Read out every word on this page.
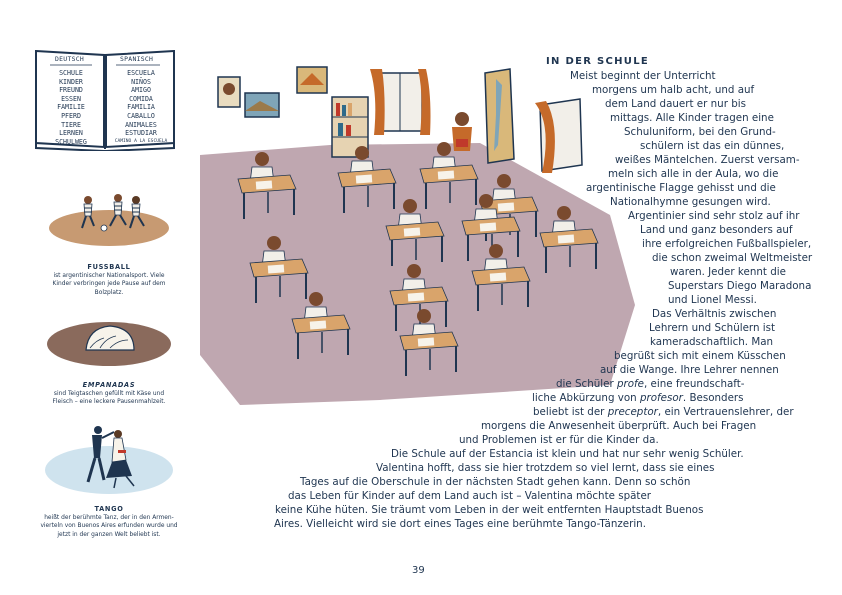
DEUTSCH	SPANISCH
SCHULE
KINDER
FREUND
ESSEN
FAMILIE
PFERD
TIERE
LERNEN
SCHULWEG
ESCUELA
NIÑOS
AMIGO
COMIDA
FAMILIA
CABALLO
ANIMALES
ESTUDIAR
CAMINO A LA ESCUELA
FUSSBALL
ist argentinischer Nationalsport. Viele
Kinder verbringen jede Pause auf dem
Bolzplatz.
EMPANADAS
sind Teigtaschen gefüllt mit Käse und
Fleisch – eine leckere Pausenmahlzeit.
TANGO
heißt der berühmte Tanz, der in den Armen-
vierteln von Buenos Aires erfunden wurde und
jetzt in der ganzen Welt beliebt ist.
IN DER SCHULE
Meist beginnt der Unterricht
morgens um halb acht, und auf
dem Land dauert er nur bis
mittags. Alle Kinder tragen eine
Schuluniform, bei den Grund-
schülern ist das ein dünnes,
weißes Mäntelchen. Zuerst versam-
meln sich alle in der Aula, wo die
argentinische Flagge gehisst und die
Nationalhymne gesungen wird.
Argentinier sind sehr stolz auf ihr
Land und ganz besonders auf
ihre erfolgreichen Fußballspieler,
die schon zweimal Weltmeister
waren. Jeder kennt die
Superstars Diego Maradona
und Lionel Messi.
Das Verhältnis zwischen
Lehrern und Schülern ist
kameradschaftlich. Man
begrüßt sich mit einem Küsschen
auf die Wange. Ihre Lehrer nennen
die Schüler profe, eine freundschaft-
liche Abkürzung von profesor. Besonders
beliebt ist der preceptor, ein Vertrauenslehrer, der
morgens die Anwesenheit überprüft. Auch bei Fragen
und Problemen ist er für die Kinder da.
Die Schule auf der Estancia ist klein und hat nur sehr wenig Schüler.
Valentina hofft, dass sie hier trotzdem so viel lernt, dass sie eines
Tages auf die Oberschule in der nächsten Stadt gehen kann. Denn so schön
das Leben für Kinder auf dem Land auch ist – Valentina möchte später
keine Kühe hüten. Sie träumt vom Leben in der weit entfernten Hauptstadt Buenos
Aires. Vielleicht wird sie dort eines Tages eine berühmte Tango-Tänzerin.
39
